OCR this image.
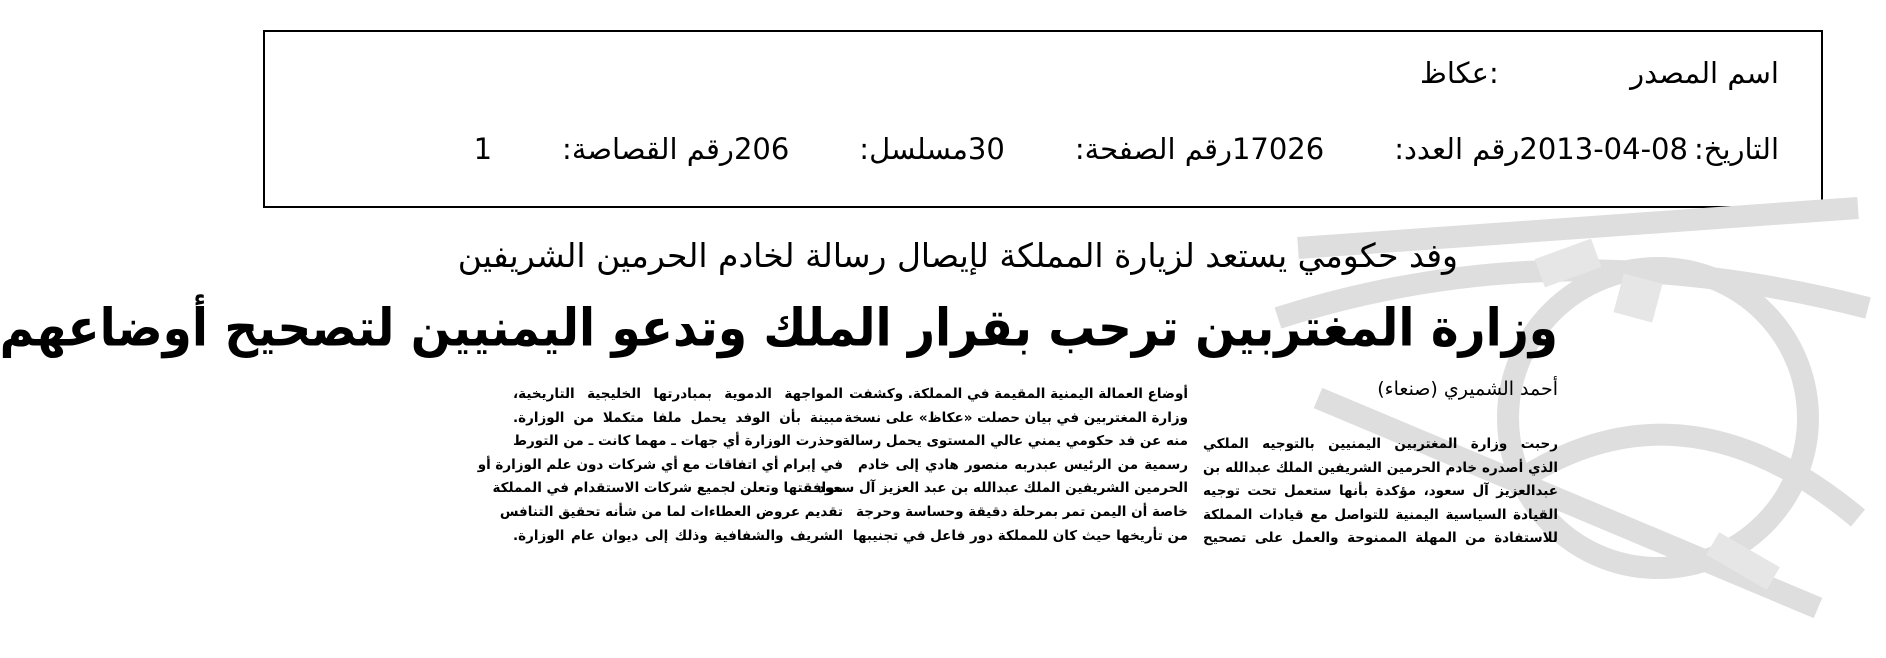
اسم المصدر
:
عكاظ
التاريخ:
2013-04-08
رقم العدد:
17026
رقم الصفحة:
30
مسلسل:
206
رقم القصاصة:
1
وفد حكومي يستعد لزيارة المملكة لإيصال رسالة لخادم الحرمين الشريفين
وزارة المغتربين ترحب بقرار الملك وتدعو اليمنيين لتصحيح أوضاعهم
أحمد الشميري (صنعاء)
رحبت وزارة المغتربين اليمنيين بالتوجيه الملكي
الذي أصدره خادم الحرمين الشريفين الملك عبدالله بن
عبدالعزيز آل سعود، مؤكدة بأنها ستعمل تحت توجيه
القيادة السياسية اليمنية للتواصل مع قيادات المملكة
للاستفادة من المهلة الممنوحة والعمل على تصحيح
أوضاع العمالة اليمنية المقيمة في المملكة. وكشفت
وزارة المغتربين في بيان حصلت «عكاظ» على نسخة
منه عن فد حكومي يمني عالي المستوى يحمل رسالة
رسمية من الرئيس عبدربه منصور هادي إلى خادم
الحرمين الشريفين الملك عبدالله بن عبد العزيز آل سعود
خاصة أن اليمن تمر بمرحلة دقيقة وحساسة وحرجة
من تأريخها حيث كان للمملكة دور فاعل في تجنيبها
المواجهة الدموية بمبادرتها الخليجية التاريخية،
مبينة بأن الوفد يحمل ملفا متكملا من الوزارة.
وحذرت الوزارة أي جهات ـ مهما كانت ـ من التورط
في إبرام أي اتفاقات مع أي شركات دون علم الوزارة أو
موافقتها وتعلن لجميع شركات الاستقدام في المملكة
تقديم عروض العطاءات لما من شأنه تحقيق التنافس
الشريف والشفافية وذلك إلى ديوان عام الوزارة.
